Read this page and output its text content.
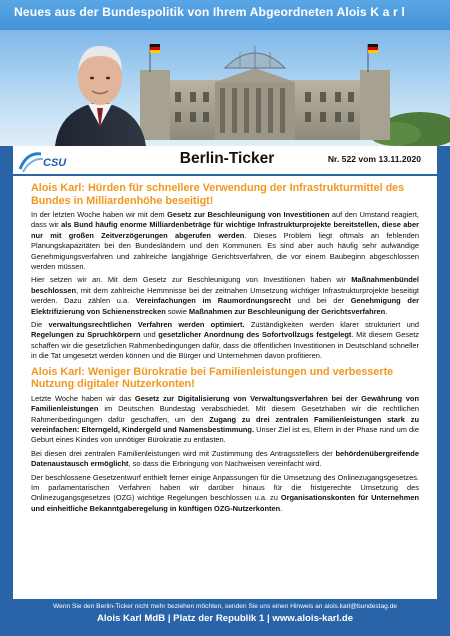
Neues aus der Bundespolitik von Ihrem Abgeordneten Alois K a r l
CSU	Berlin-Ticker	Nr. 522 vom 13.11.2020
Alois Karl: Hürden für schnellere Verwendung der Infrastrukturmittel des Bundes in Milliardenhöhe beseitigt!

In der letzten Woche haben wir mit dem Gesetz zur Beschleunigung von Investitionen auf den Umstand reagiert, dass wir als Bund häufig enorme Milliardenbeträge für wichtige Infrastrukturprojekte bereitstellen, diese aber nur mit großen Zeitverzögerungen abgerufen werden. Dieses Problem liegt oftmals an fehlenden Planungskapazitäten bei den Bundesländern und den Kommunen. Es sind aber auch häufig sehr aufwändige Genehmigungsverfahren und zahlreiche langjährige Gerichtsverfahren, die vor einem Baubeginn abgeschlossen werden müssen.

Hier setzen wir an. Mit dem Gesetz zur Beschleunigung von Investitionen haben wir Maßnahmenbündel beschlossen, mit dem zahlreiche Hemmnisse bei der zeitnahen Umsetzung wichtiger Infrastrukturprojekte beseitigt werden. Dazu zählen u.a. Vereinfachungen im Raumordnungsrecht und bei der Genehmigung der Elektrifizierung von Schienenstrecken sowie Maßnahmen zur Beschleunigung der Gerichtsverfahren.

Die verwaltungsrechtlichen Verfahren werden optimiert. Zuständigkeiten werden klarer strukturiert und Regelungen zu Spruchkörpern und gesetzlicher Anordnung des Sofortvollzugs festgelegt. Mit diesem Gesetz schaffen wir die gesetzlichen Rahmenbedingungen dafür, dass die öffentlichen Investitionen in Deutschland schneller in die Tat umgesetzt werden können und die Bürger und Unternehmen davon profitieren.

Alois Karl: Weniger Bürokratie bei Familienleistungen und verbesserte Nutzung digitaler Nutzerkonten!

Letzte Woche haben wir das Gesetz zur Digitalisierung von Verwaltungsverfahren bei der Gewährung von Familienleistungen im Deutschen Bundestag verabschiedet. Mit diesem Gesetzhaben wir die rechtlichen Rahmenbedingungen dafür geschaffen, um den Zugang zu drei zentralen Familienleistungen stark zu vereinfachen: Elterngeld, Kindergeld und Namensbestimmung. Unser Ziel ist es, Eltern in der Phase rund um die Geburt eines Kindes von unnötiger Bürokratie zu entlasten.

Bei diesen drei zentralen Familienleistungen wird mit Zustimmung des Antragsstellers der behördenübergreifende Datenaustausch ermöglicht, so dass die Erbringung von Nachweisen vereinfacht wird.

Der beschlossene Gesetzentwurf enthielt ferner einige Anpassungen für die Umsetzung des Onlinezugangsgesetzes. Im parlamentarischen Verfahren haben wir darüber hinaus für die fristgerechte Umsetzung des Onlinezugangsgesetzes (OZG) wichtige Regelungen beschlossen u.a. zu Organisationskonten für Unternehmen und einheitliche Bekanntgaberegelung in künftigen OZG-Nutzerkonten.

Wenn Sie den Berlin-Ticker nicht mehr beziehen möchten, senden Sie uns einen Hinweis an alois.karl@bundestag.de
Alois Karl MdB | Platz der Republik 1 | www.alois-karl.de
